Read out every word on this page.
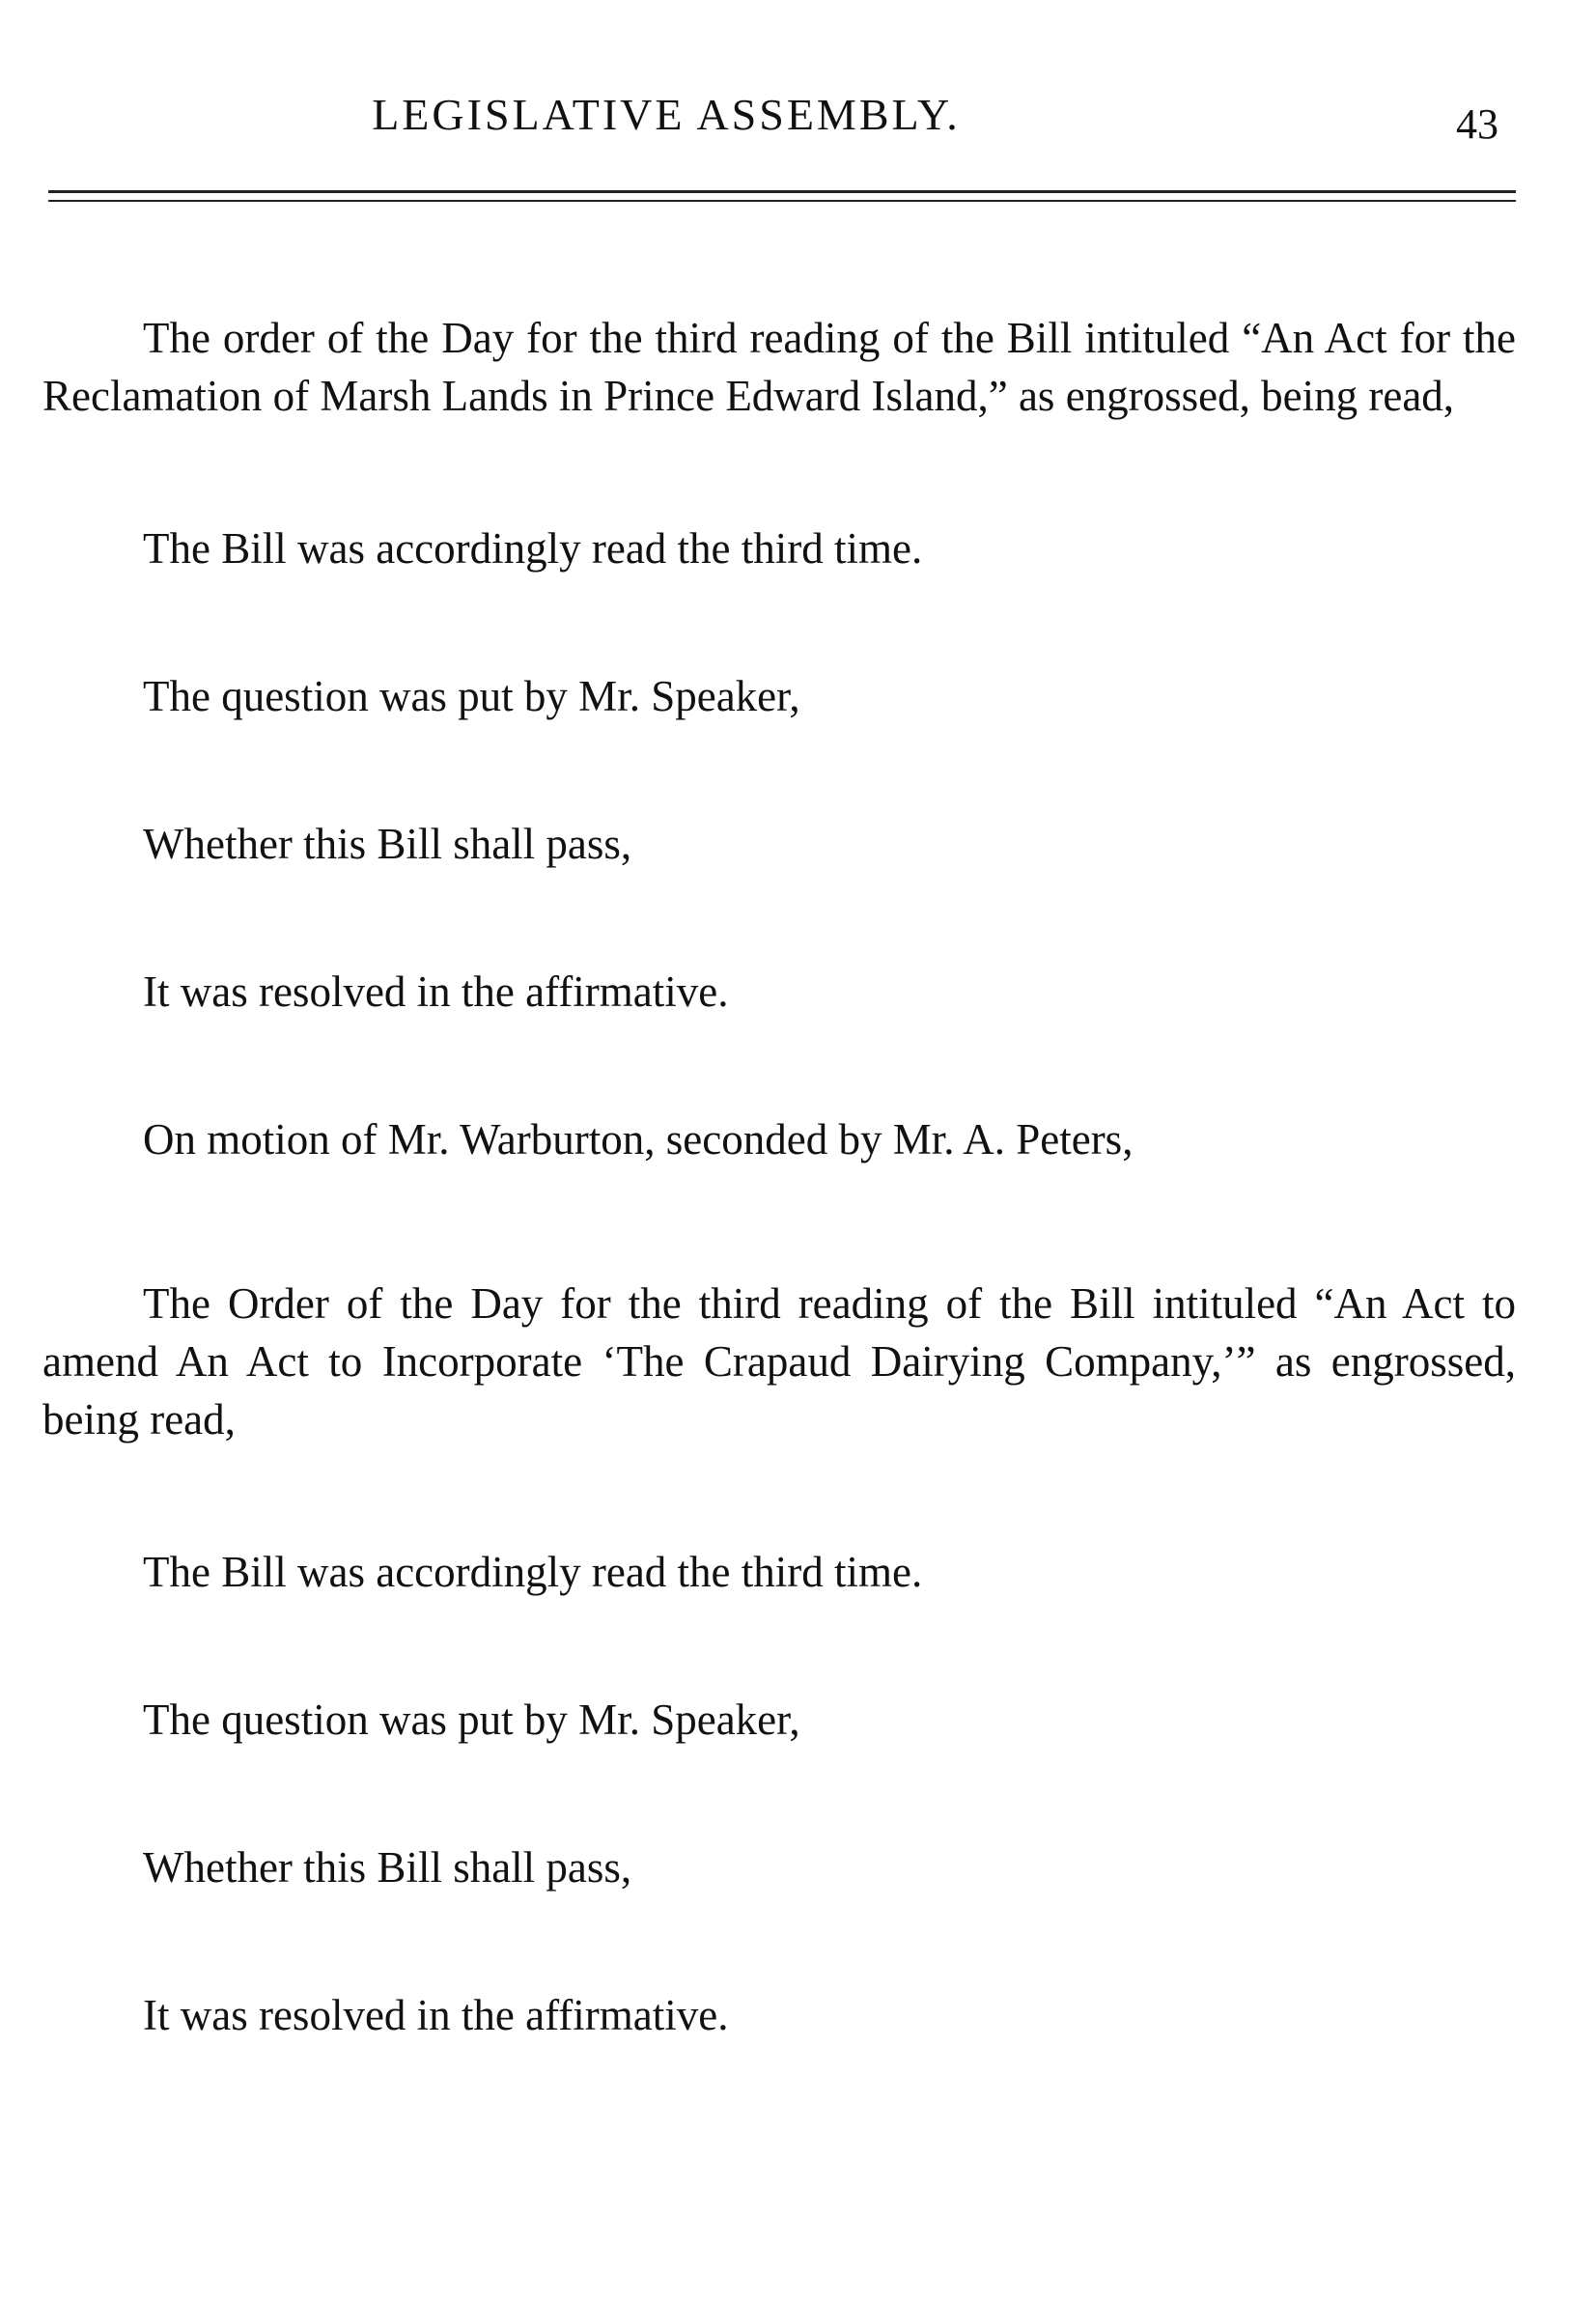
LEGISLATIVE ASSEMBLY.	43

The order of the Day for the third reading of the Bill intituled “An Act for the Reclamation of Marsh Lands in Prince Edward Island,” as engrossed, being read,

The Bill was accordingly read the third time.

The question was put by Mr. Speaker,

Whether this Bill shall pass,

It was resolved in the affirmative.

On motion of Mr. Warburton, seconded by Mr. A. Peters,

The Order of the Day for the third reading of the Bill intituled “An Act to amend An Act to Incorporate ‘The Crapaud Dairying Company,’” as engrossed, being read,

The Bill was accordingly read the third time.

The question was put by Mr. Speaker,

Whether this Bill shall pass,

It was resolved in the affirmative.
